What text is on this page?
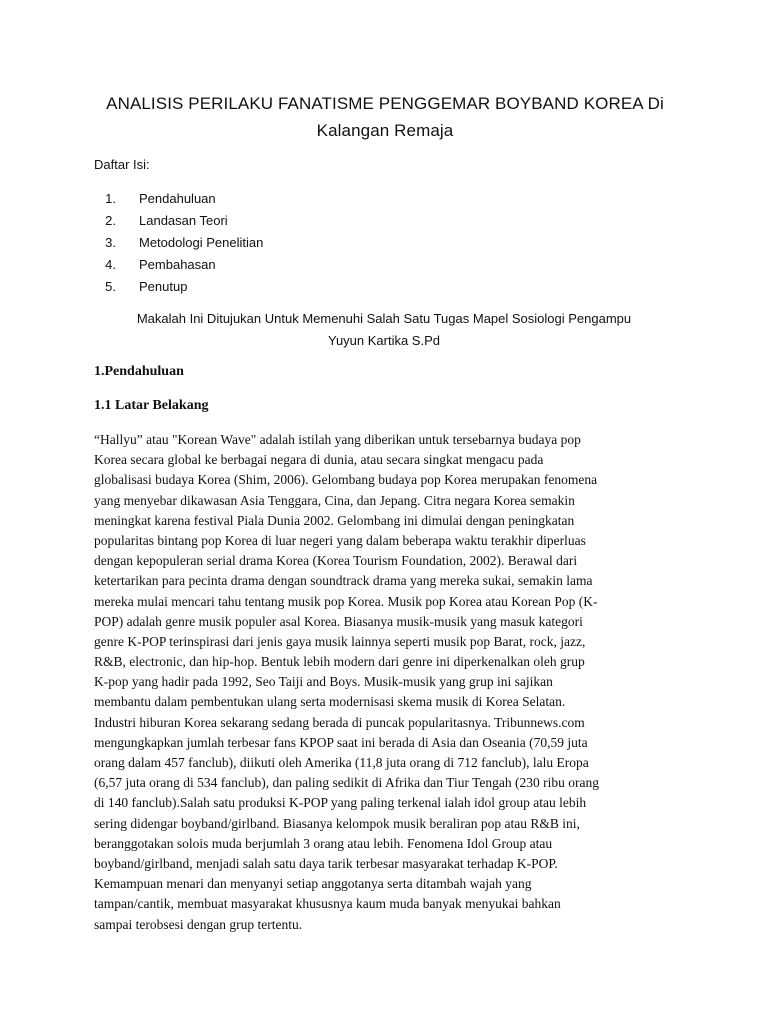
ANALISIS PERILAKU FANATISME PENGGEMAR BOYBAND KOREA Di
Kalangan Remaja
Daftar Isi:
1. Pendahuluan
2. Landasan Teori
3. Metodologi Penelitian
4. Pembahasan
5. Penutup
Makalah Ini Ditujukan Untuk Memenuhi Salah Satu Tugas Mapel Sosiologi Pengampu
Yuyun Kartika S.Pd
1.Pendahuluan
1.1 Latar Belakang
“Hallyu” atau "Korean Wave" adalah istilah yang diberikan untuk tersebarnya budaya pop
Korea secara global ke berbagai negara di dunia, atau secara singkat mengacu pada
globalisasi budaya Korea (Shim, 2006). Gelombang budaya pop Korea merupakan fenomena
yang menyebar dikawasan Asia Tenggara, Cina, dan Jepang. Citra negara Korea semakin
meningkat karena festival Piala Dunia 2002. Gelombang ini dimulai dengan peningkatan
popularitas bintang pop Korea di luar negeri yang dalam beberapa waktu terakhir diperluas
dengan kepopuleran serial drama Korea (Korea Tourism Foundation, 2002). Berawal dari
ketertarikan para pecinta drama dengan soundtrack drama yang mereka sukai, semakin lama
mereka mulai mencari tahu tentang musik pop Korea. Musik pop Korea atau Korean Pop (K-
POP) adalah genre musik populer asal Korea. Biasanya musik-musik yang masuk kategori
genre K-POP terinspirasi dari jenis gaya musik lainnya seperti musik pop Barat, rock, jazz,
R&B, electronic, dan hip-hop. Bentuk lebih modern dari genre ini diperkenalkan oleh grup
K-pop yang hadir pada 1992, Seo Taiji and Boys. Musik-musik yang grup ini sajikan
membantu dalam pembentukan ulang serta modernisasi skema musik di Korea Selatan.
Industri hiburan Korea sekarang sedang berada di puncak popularitasnya. Tribunnews.com
mengungkapkan jumlah terbesar fans KPOP saat ini berada di Asia dan Oseania (70,59 juta
orang dalam 457 fanclub), diikuti oleh Amerika (11,8 juta orang di 712 fanclub), lalu Eropa
(6,57 juta orang di 534 fanclub), dan paling sedikit di Afrika dan Tiur Tengah (230 ribu orang
di 140 fanclub).Salah satu produksi K-POP yang paling terkenal ialah idol group atau lebih
sering didengar boyband/girlband. Biasanya kelompok musik beraliran pop atau R&B ini,
beranggotakan solois muda berjumlah 3 orang atau lebih. Fenomena Idol Group atau
boyband/girlband, menjadi salah satu daya tarik terbesar masyarakat terhadap K-POP.
Kemampuan menari dan menyanyi setiap anggotanya serta ditambah wajah yang
tampan/cantik, membuat masyarakat khususnya kaum muda banyak menyukai bahkan
sampai terobsesi dengan grup tertentu.
